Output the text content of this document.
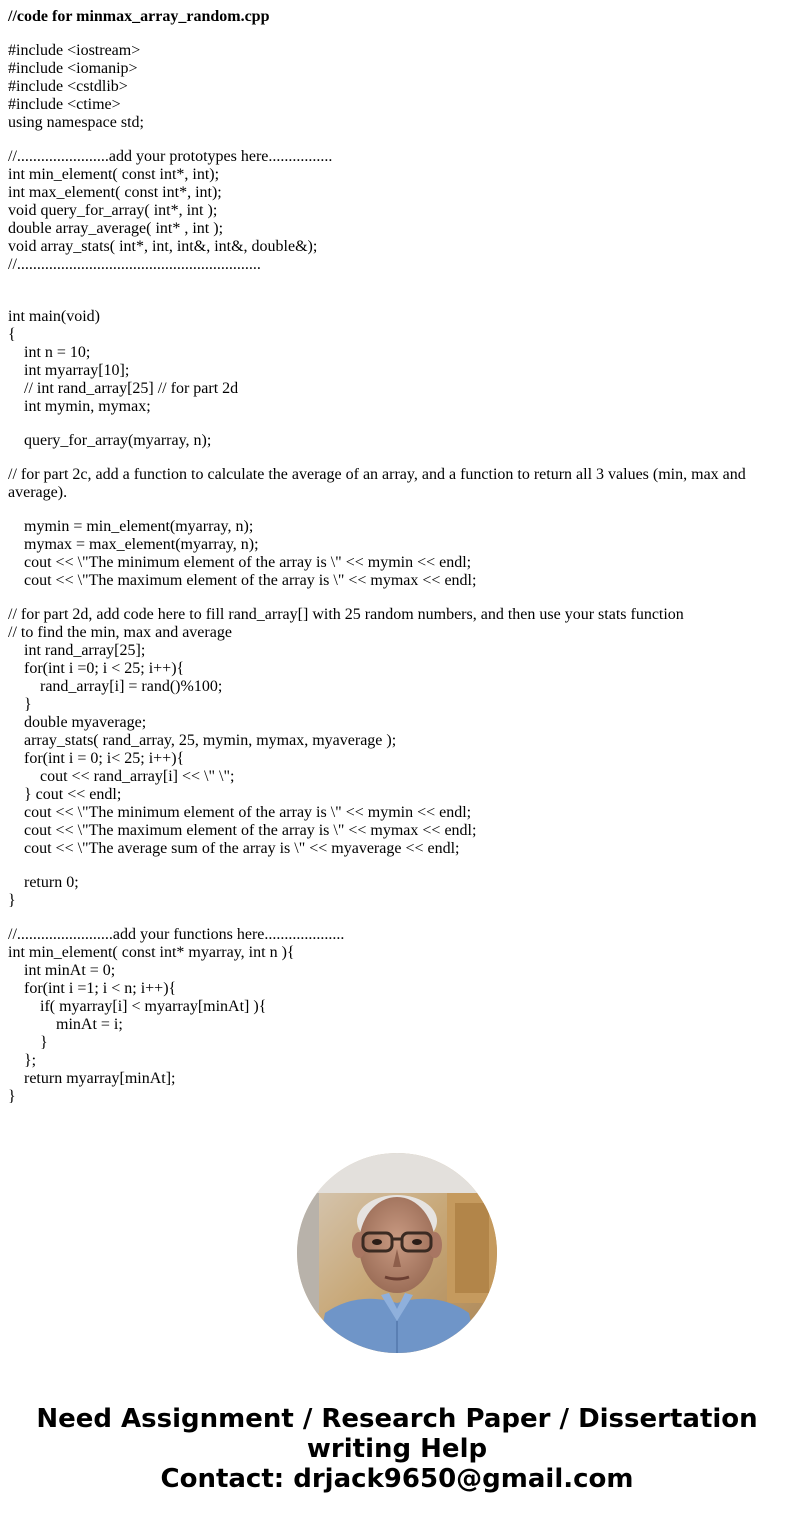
//code for minmax_array_random.cpp
#include <iostream>
#include <iomanip>
#include <cstdlib>
#include <ctime>
using namespace std;
//.......................add your prototypes here................
int min_element( const int*, int);
int max_element( const int*, int);
void query_for_array( int*, int );
double array_average( int* , int );
void array_stats( int*, int, int&, int&, double&);
//.............................................................
int main(void)
{
int n = 10;
int myarray[10];
// int rand_array[25] // for part 2d
int mymin, mymax;
query_for_array(myarray, n);
// for part 2c, add a function to calculate the average of an array, and a function to return all 3 values (min, max and average).
mymin = min_element(myarray, n);
mymax = max_element(myarray, n);
cout << \"The minimum element of the array is \" << mymin << endl;
cout << \"The maximum element of the array is \" << mymax << endl;
// for part 2d, add code here to fill rand_array[] with 25 random numbers, and then use your stats function
// to find the min, max and average
int rand_array[25];
for(int i =0; i < 25; i++){
rand_array[i] = rand()%100;
}
double myaverage;
array_stats( rand_array, 25, mymin, mymax, myaverage );
for(int i = 0; i< 25; i++){
cout << rand_array[i] << \" \";
} cout << endl;
cout << \"The minimum element of the array is \" << mymin << endl;
cout << \"The maximum element of the array is \" << mymax << endl;
cout << \"The average sum of the array is \" << myaverage << endl;
return 0;
}
//........................add your functions here....................
int min_element( const int* myarray, int n ){
int minAt = 0;
for(int i =1; i < n; i++){
if( myarray[i] < myarray[minAt] ){
minAt = i;
}
};
return myarray[minAt];
}
Need Assignment / Research Paper / Dissertation
writing Help
Contact: drjack9650@gmail.com
